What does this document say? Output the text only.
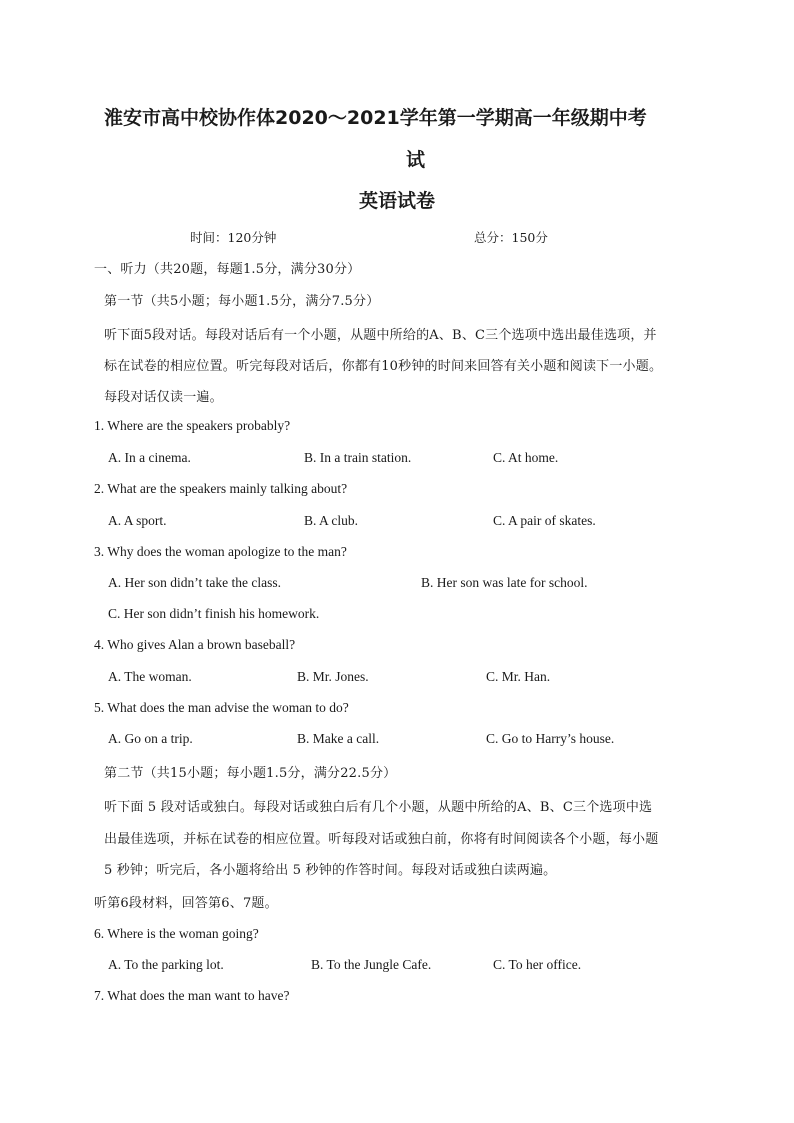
淮安市高中校协作体2020～2021学年第一学期高一年级期中考
试
英语试卷
时间：120分钟	总分：150分
一、听力（共20题，每题1.5分，满分30分）
第一节（共5小题；每小题1.5分，满分7.5分）
听下面5段对话。每段对话后有一个小题，从题中所给的A、B、C三个选项中选出最佳选项，并
标在试卷的相应位置。听完每段对话后，你都有10秒钟的时间来回答有关小题和阅读下一小题。
每段对话仅读一遍。
1. Where are the speakers probably?
A. In a cinema.	B. In a train station.	C. At home.
2. What are the speakers mainly talking about?
A. A sport.	B. A club.	C. A pair of skates.
3. Why does the woman apologize to the man?
A. Her son didn’t take the class.	B. Her son was late for school.
C. Her son didn’t finish his homework.
4. Who gives Alan a brown baseball?
A. The woman.	B. Mr. Jones.	C. Mr. Han.
5. What does the man advise the woman to do?
A. Go on a trip.	B. Make a call.	C. Go to Harry’s house.
第二节（共15小题；每小题1.5分，满分22.5分）
听下面 5 段对话或独白。每段对话或独白后有几个小题，从题中所给的A、B、C三个选项中选
出最佳选项，并标在试卷的相应位置。听每段对话或独白前，你将有时间阅读各个小题，每小题
5 秒钟；听完后，各小题将给出 5 秒钟的作答时间。每段对话或独白读两遍。
听第6段材料，回答第6、7题。
6. Where is the woman going?
A. To the parking lot.	B. To the Jungle Cafe.	C. To her office.
7. What does the man want to have?
